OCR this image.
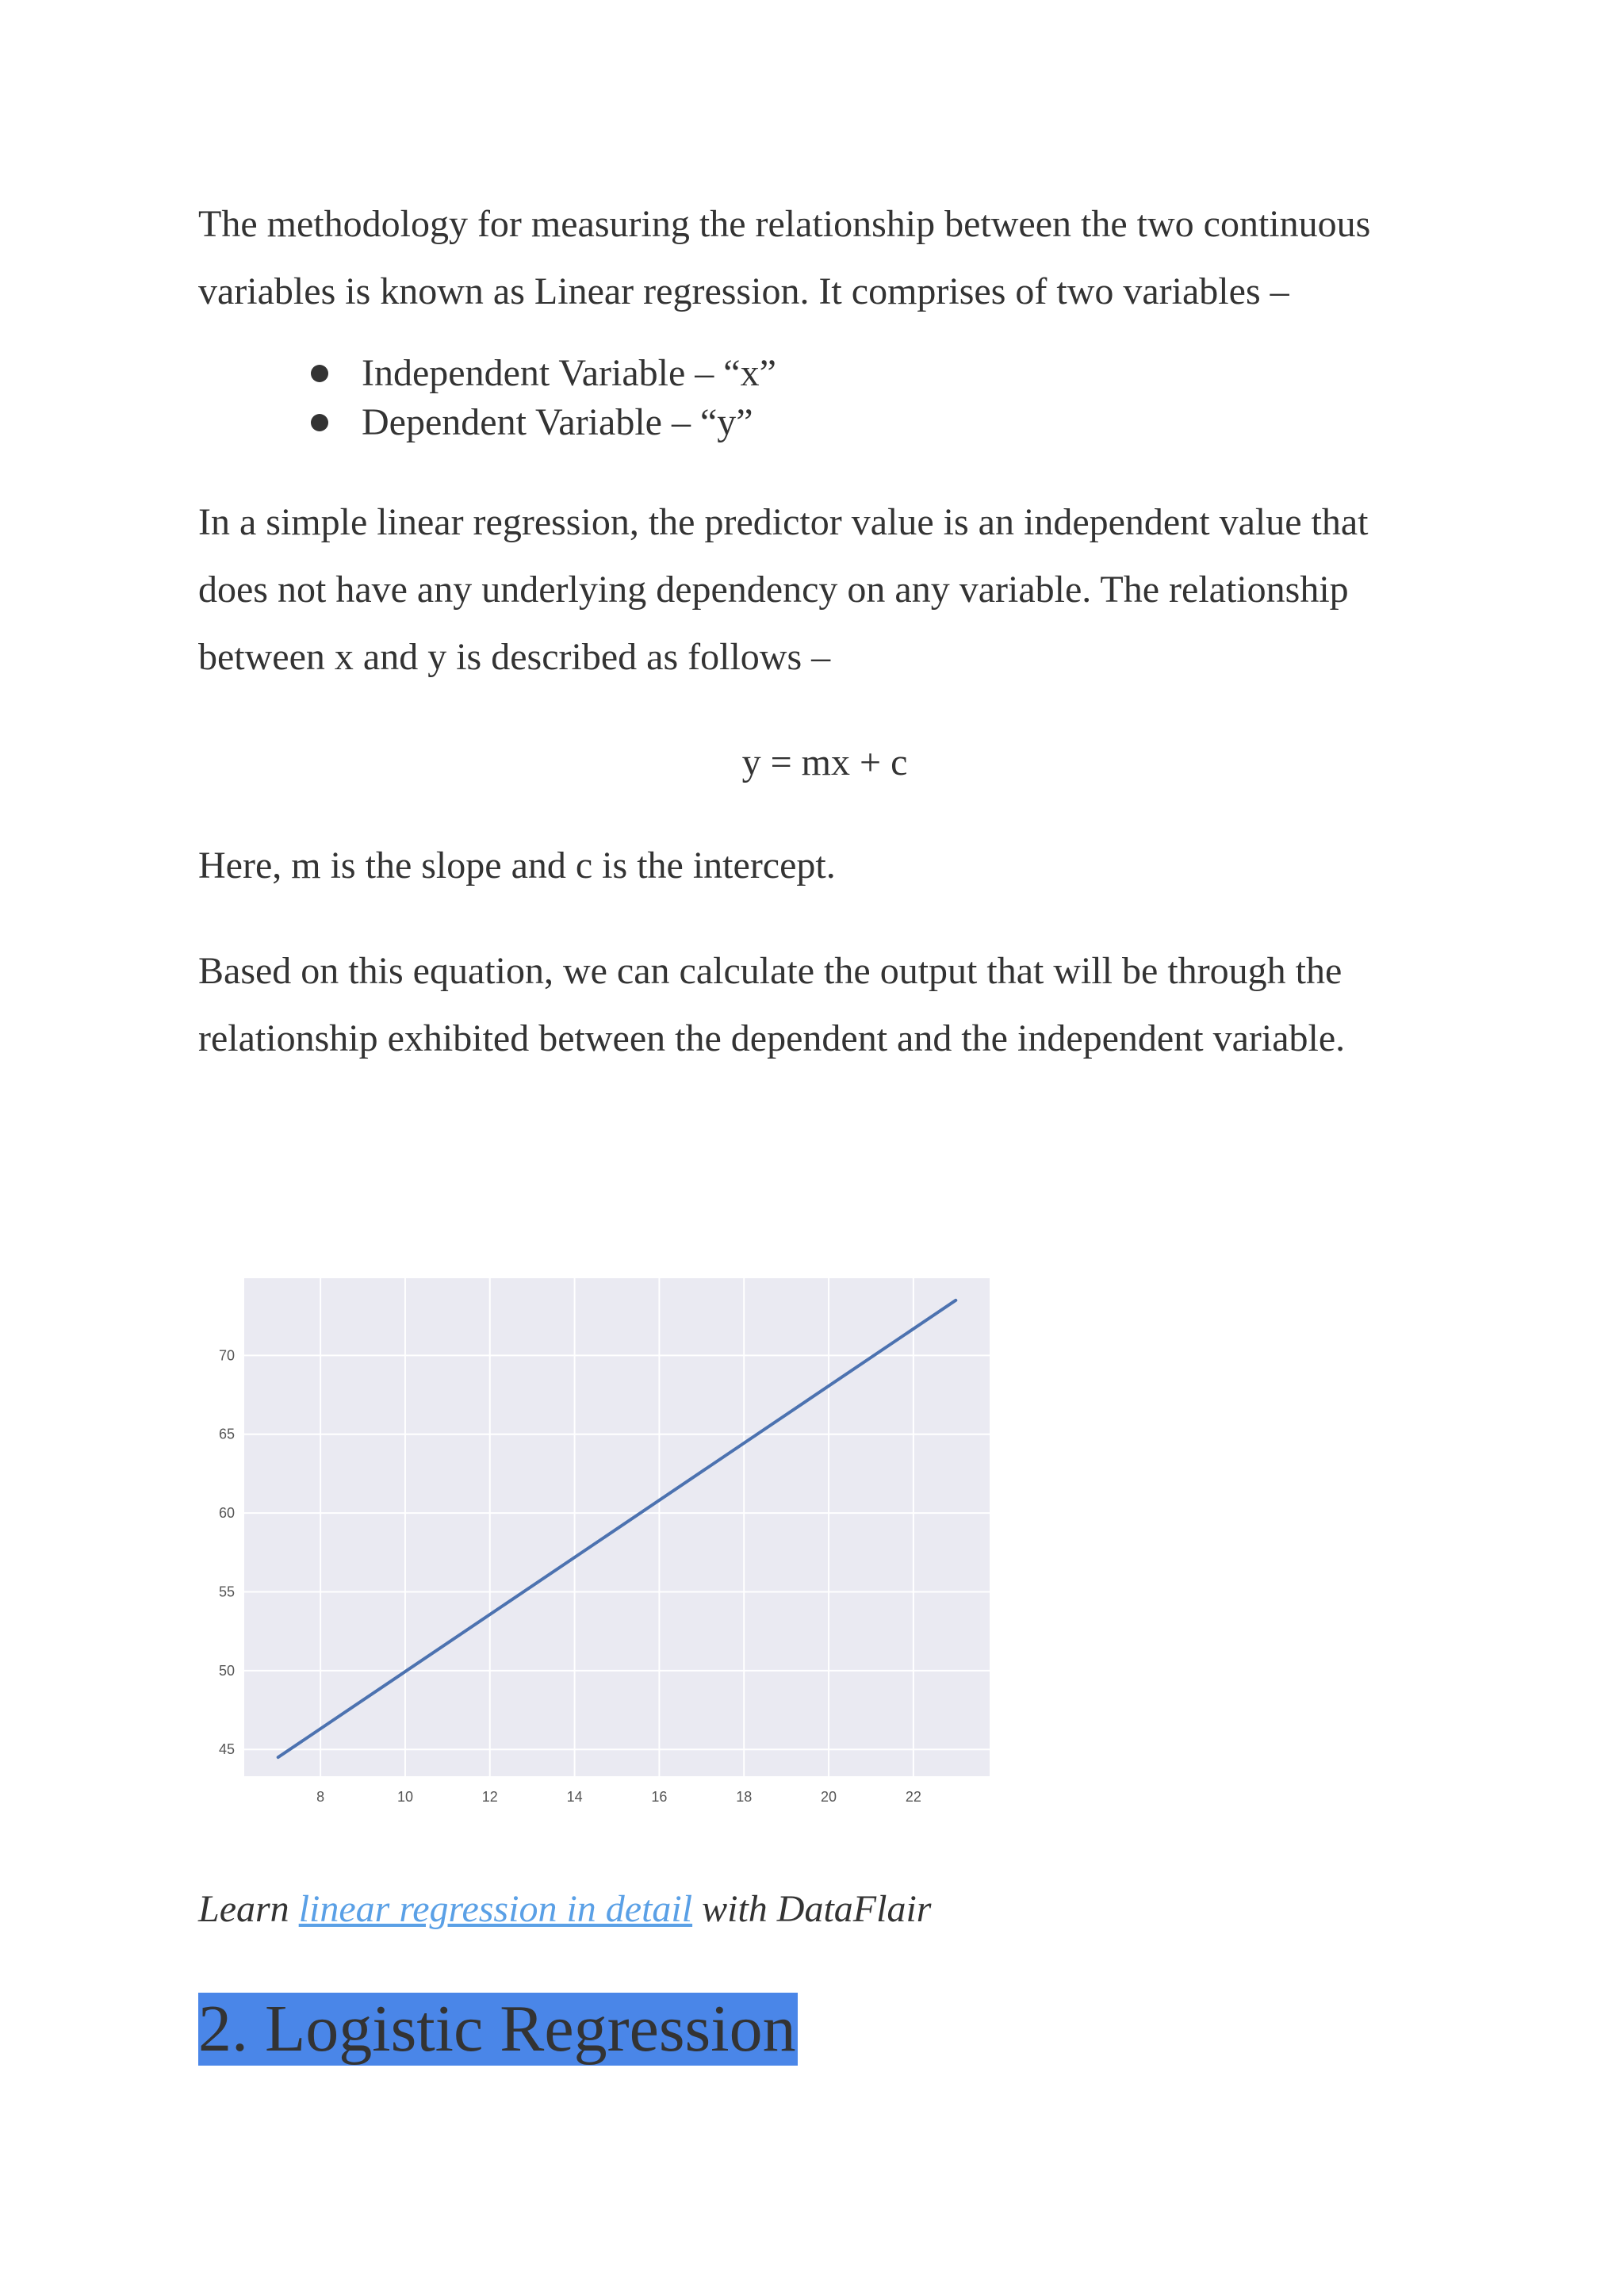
The methodology for measuring the relationship between the two continuous variables is known as Linear regression. It comprises of two variables –

Independent Variable – “x”
Dependent Variable – “y”

In a simple linear regression, the predictor value is an independent value that does not have any underlying dependency on any variable. The relationship between x and y is described as follows –

y = mx + c

Here, m is the slope and c is the intercept.

Based on this equation, we can calculate the output that will be through the relationship exhibited between the dependent and the independent variable.

8	10	12	14	16	18	20	22
45
50
55
60
65
70

Learn linear regression in detail with DataFlair

2. Logistic Regression
